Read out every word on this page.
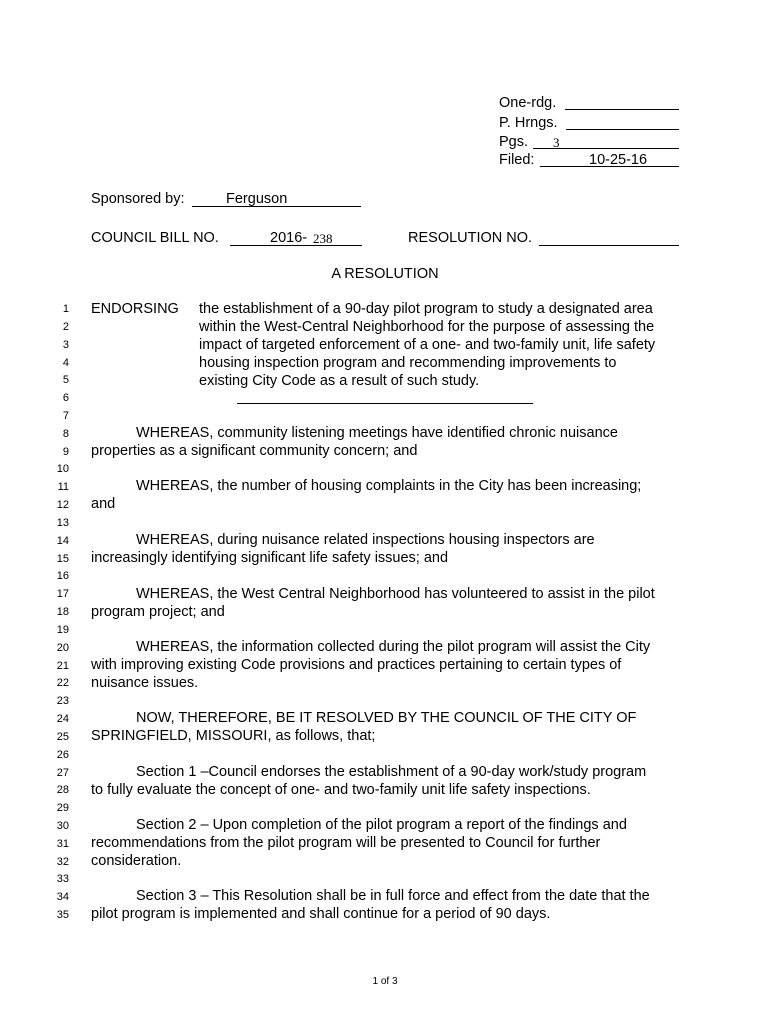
One-rdg.
P. Hrngs.
Pgs. 3
Filed:	10-25-16
Sponsored by:	Ferguson
COUNCIL BILL NO.	2016- 238	RESOLUTION NO.
A RESOLUTION
1
2
3
4
5
6
7
8
9
10
11
12
13
14
15
16
17
18
19
20
21
22
23
24
25
26
27
28
29
30
31
32
33
34
35
ENDORSING the establishment of a 90-day pilot program to study a designated area
within the West-Central Neighborhood for the purpose of assessing the
impact of targeted enforcement of a one- and two-family unit, life safety
housing inspection program and recommending improvements to
existing City Code as a result of such study.
WHEREAS, community listening meetings have identified chronic nuisance
properties as a significant community concern; and
WHEREAS, the number of housing complaints in the City has been increasing;
and
WHEREAS, during nuisance related inspections housing inspectors are
increasingly identifying significant life safety issues; and
WHEREAS, the West Central Neighborhood has volunteered to assist in the pilot
program project; and
WHEREAS, the information collected during the pilot program will assist the City
with improving existing Code provisions and practices pertaining to certain types of
nuisance issues.
NOW, THEREFORE, BE IT RESOLVED BY THE COUNCIL OF THE CITY OF
SPRINGFIELD, MISSOURI, as follows, that;
Section 1 –Council endorses the establishment of a 90-day work/study program
to fully evaluate the concept of one- and two-family unit life safety inspections.
Section 2 – Upon completion of the pilot program a report of the findings and
recommendations from the pilot program will be presented to Council for further
consideration.
Section 3 – This Resolution shall be in full force and effect from the date that the
pilot program is implemented and shall continue for a period of 90 days.
1 of 3
